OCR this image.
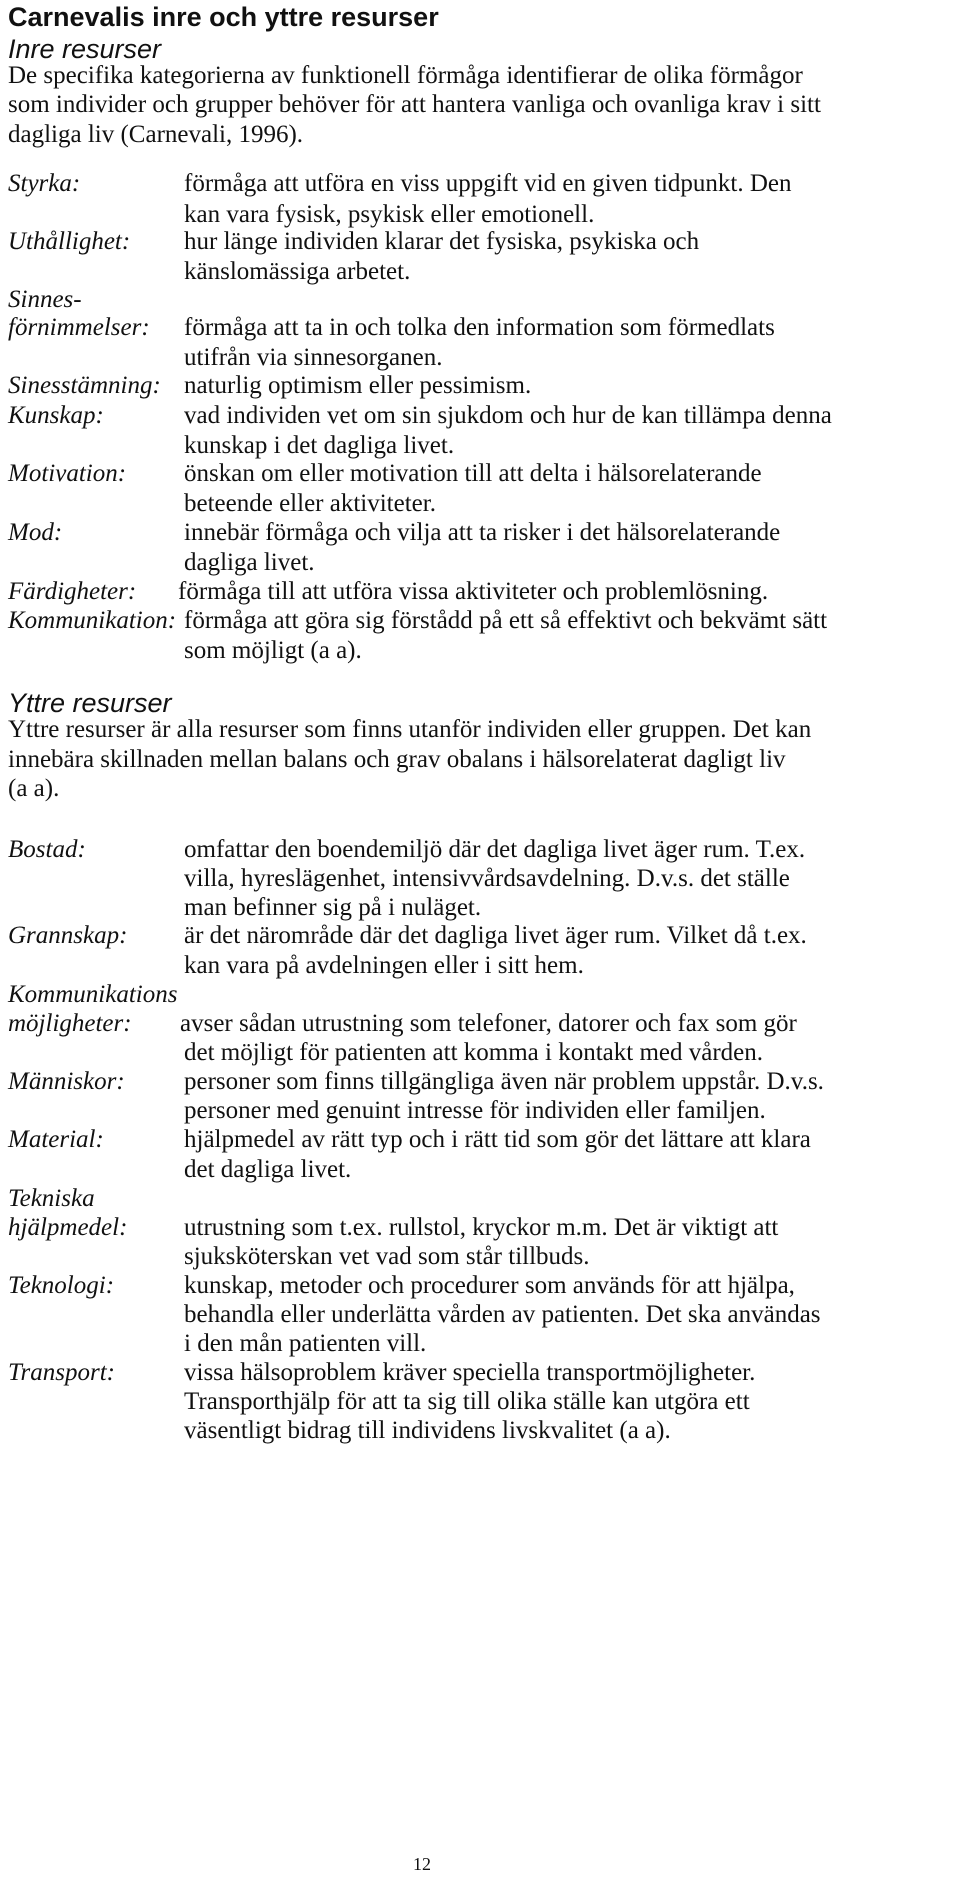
Carnevalis inre och yttre resurser
Inre resurser
De specifika kategorierna av funktionell förmåga identifierar de olika förmågor
som individer och grupper behöver för att hantera vanliga och ovanliga krav i sitt
dagliga liv (Carnevali, 1996).
Styrka:	förmåga att utföra en viss uppgift vid en given tidpunkt. Den
kan vara fysisk, psykisk eller emotionell.
Uthållighet: hur länge individen klarar det fysiska, psykiska och
känslomässiga arbetet.
Sinnes-
förnimmelser: förmåga att ta in och tolka den information som förmedlats
utifrån via sinnesorganen.
Sinesstämning: naturlig optimism eller pessimism.
Kunskap:	vad individen vet om sin sjukdom och hur de kan tillämpa denna
kunskap i det dagliga livet.
Motivation: önskan om eller motivation till att delta i hälsorelaterande
beteende eller aktiviteter.
Mod:	innebär förmåga och vilja att ta risker i det hälsorelaterande
dagliga livet.
Färdigheter: förmåga till att utföra vissa aktiviteter och problemlösning.
Kommunikation: förmåga att göra sig förstådd på ett så effektivt och bekvämt sätt
som möjligt (a a).
Yttre resurser
Yttre resurser är alla resurser som finns utanför individen eller gruppen. Det kan
innebära skillnaden mellan balans och grav obalans i hälsorelaterat dagligt liv
(a a).
Bostad:	omfattar den boendemiljö där det dagliga livet äger rum. T.ex.
villa, hyreslägenhet, intensivvårdsavdelning. D.v.s. det ställe
man befinner sig på i nuläget.
Grannskap: är det närområde där det dagliga livet äger rum. Vilket då t.ex.
kan vara på avdelningen eller i sitt hem.
Kommunikations
möjligheter: avser sådan utrustning som telefoner, datorer och fax som gör
det möjligt för patienten att komma i kontakt med vården.
Människor: personer som finns tillgängliga även när problem uppstår. D.v.s.
personer med genuint intresse för individen eller familjen.
Material:	hjälpmedel av rätt typ och i rätt tid som gör det lättare att klara
det dagliga livet.
Tekniska
hjälpmedel: utrustning som t.ex. rullstol, kryckor m.m. Det är viktigt att
sjuksköterskan vet vad som står tillbuds.
Teknologi:	kunskap, metoder och procedurer som används för att hjälpa,
behandla eller underlätta vården av patienten. Det ska användas
i den mån patienten vill.
Transport:	vissa hälsoproblem kräver speciella transportmöjligheter.
Transporthjälp för att ta sig till olika ställe kan utgöra ett
väsentligt bidrag till individens livskvalitet (a a).
12
